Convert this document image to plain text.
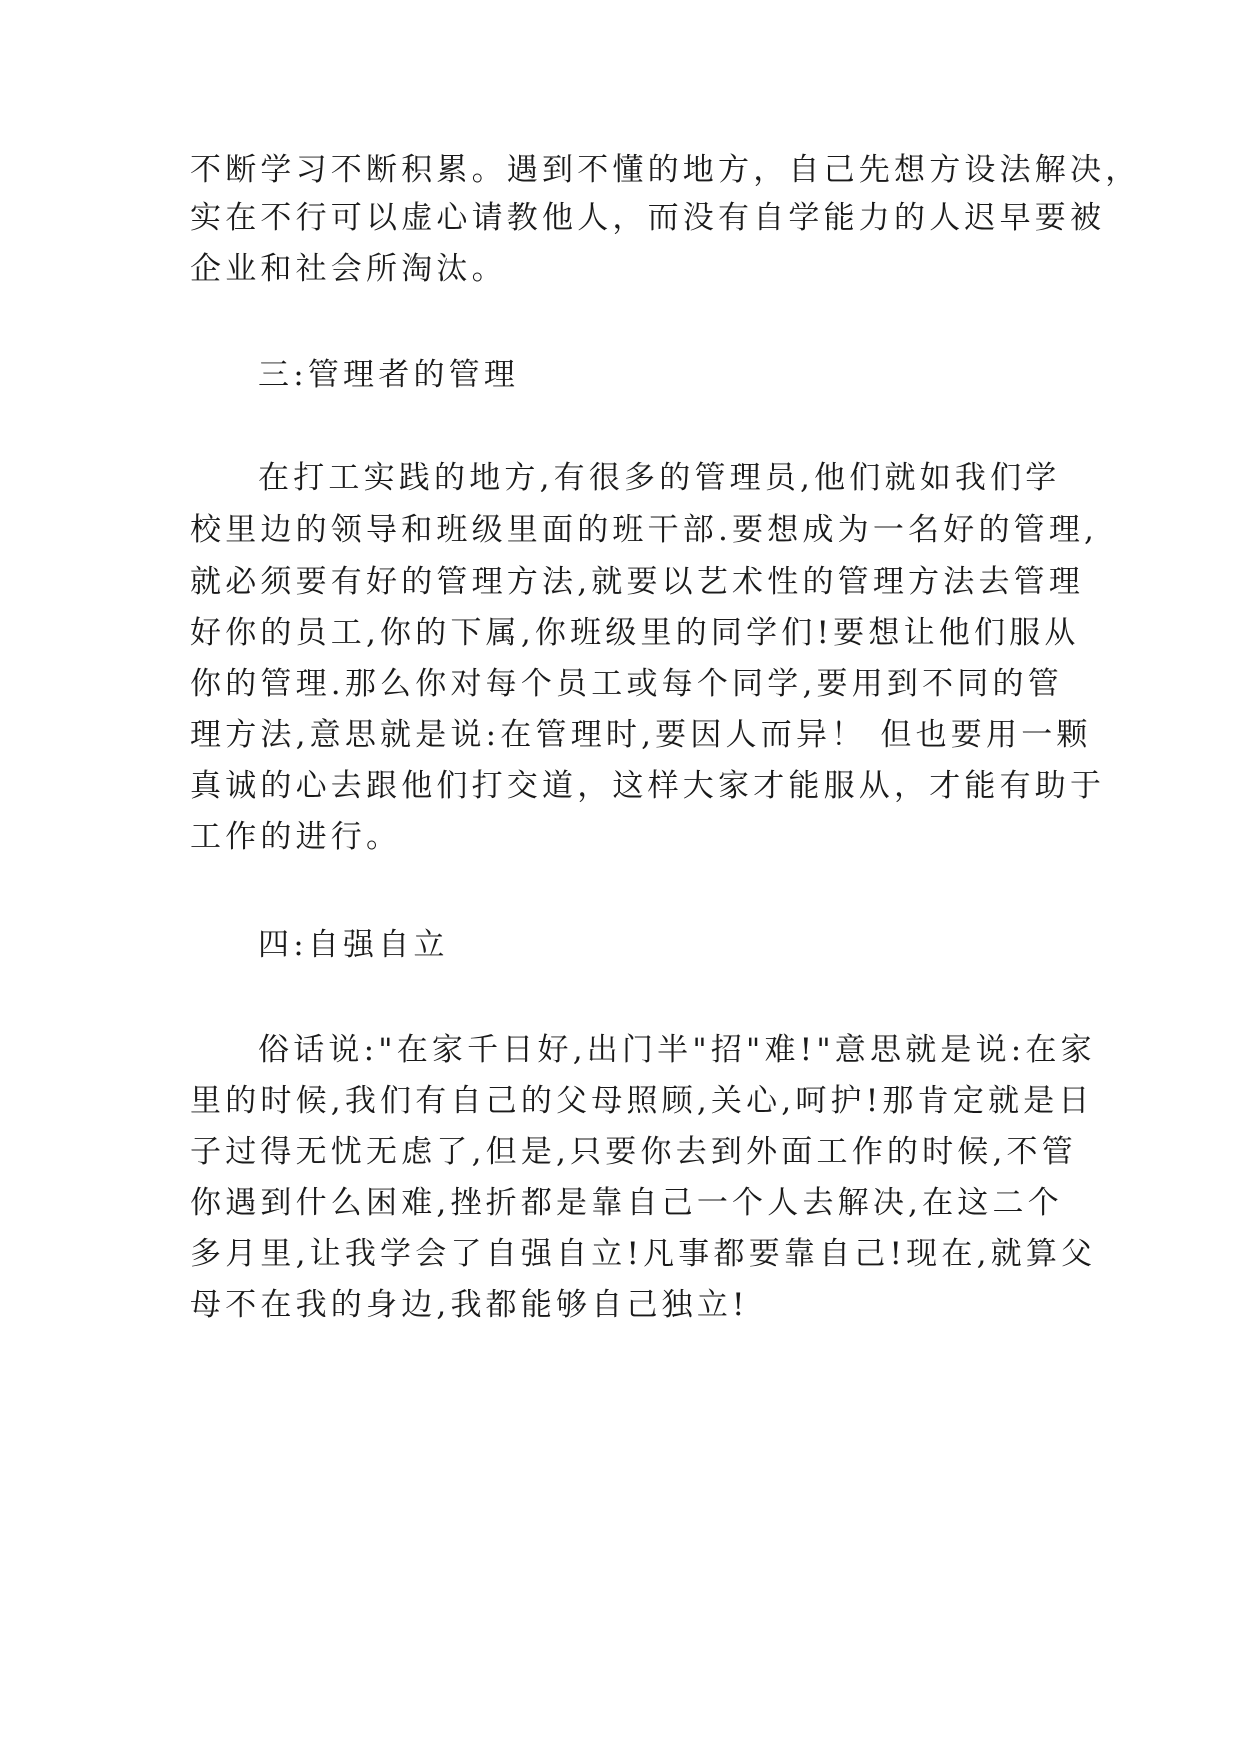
不断学习不断积累。遇到不懂的地方，自己先想方设法解决，
实在不行可以虚心请教他人，而没有自学能力的人迟早要被
企业和社会所淘汰。
三:管理者的管理
在打工实践的地方,有很多的管理员,他们就如我们学
校里边的领导和班级里面的班干部.要想成为一名好的管理,
就必须要有好的管理方法,就要以艺术性的管理方法去管理
好你的员工,你的下属,你班级里的同学们!要想让他们服从
你的管理.那么你对每个员工或每个同学,要用到不同的管
理方法,意思就是说:在管理时,要因人而异！ 但也要用一颗
真诚的心去跟他们打交道，这样大家才能服从，才能有助于
工作的进行。
四:自强自立
俗话说:"在家千日好,出门半"招"难!"意思就是说:在家
里的时候,我们有自己的父母照顾,关心,呵护!那肯定就是日
子过得无忧无虑了,但是,只要你去到外面工作的时候,不管
你遇到什么困难,挫折都是靠自己一个人去解决,在这二个
多月里,让我学会了自强自立!凡事都要靠自己!现在,就算父
母不在我的身边,我都能够自己独立!
